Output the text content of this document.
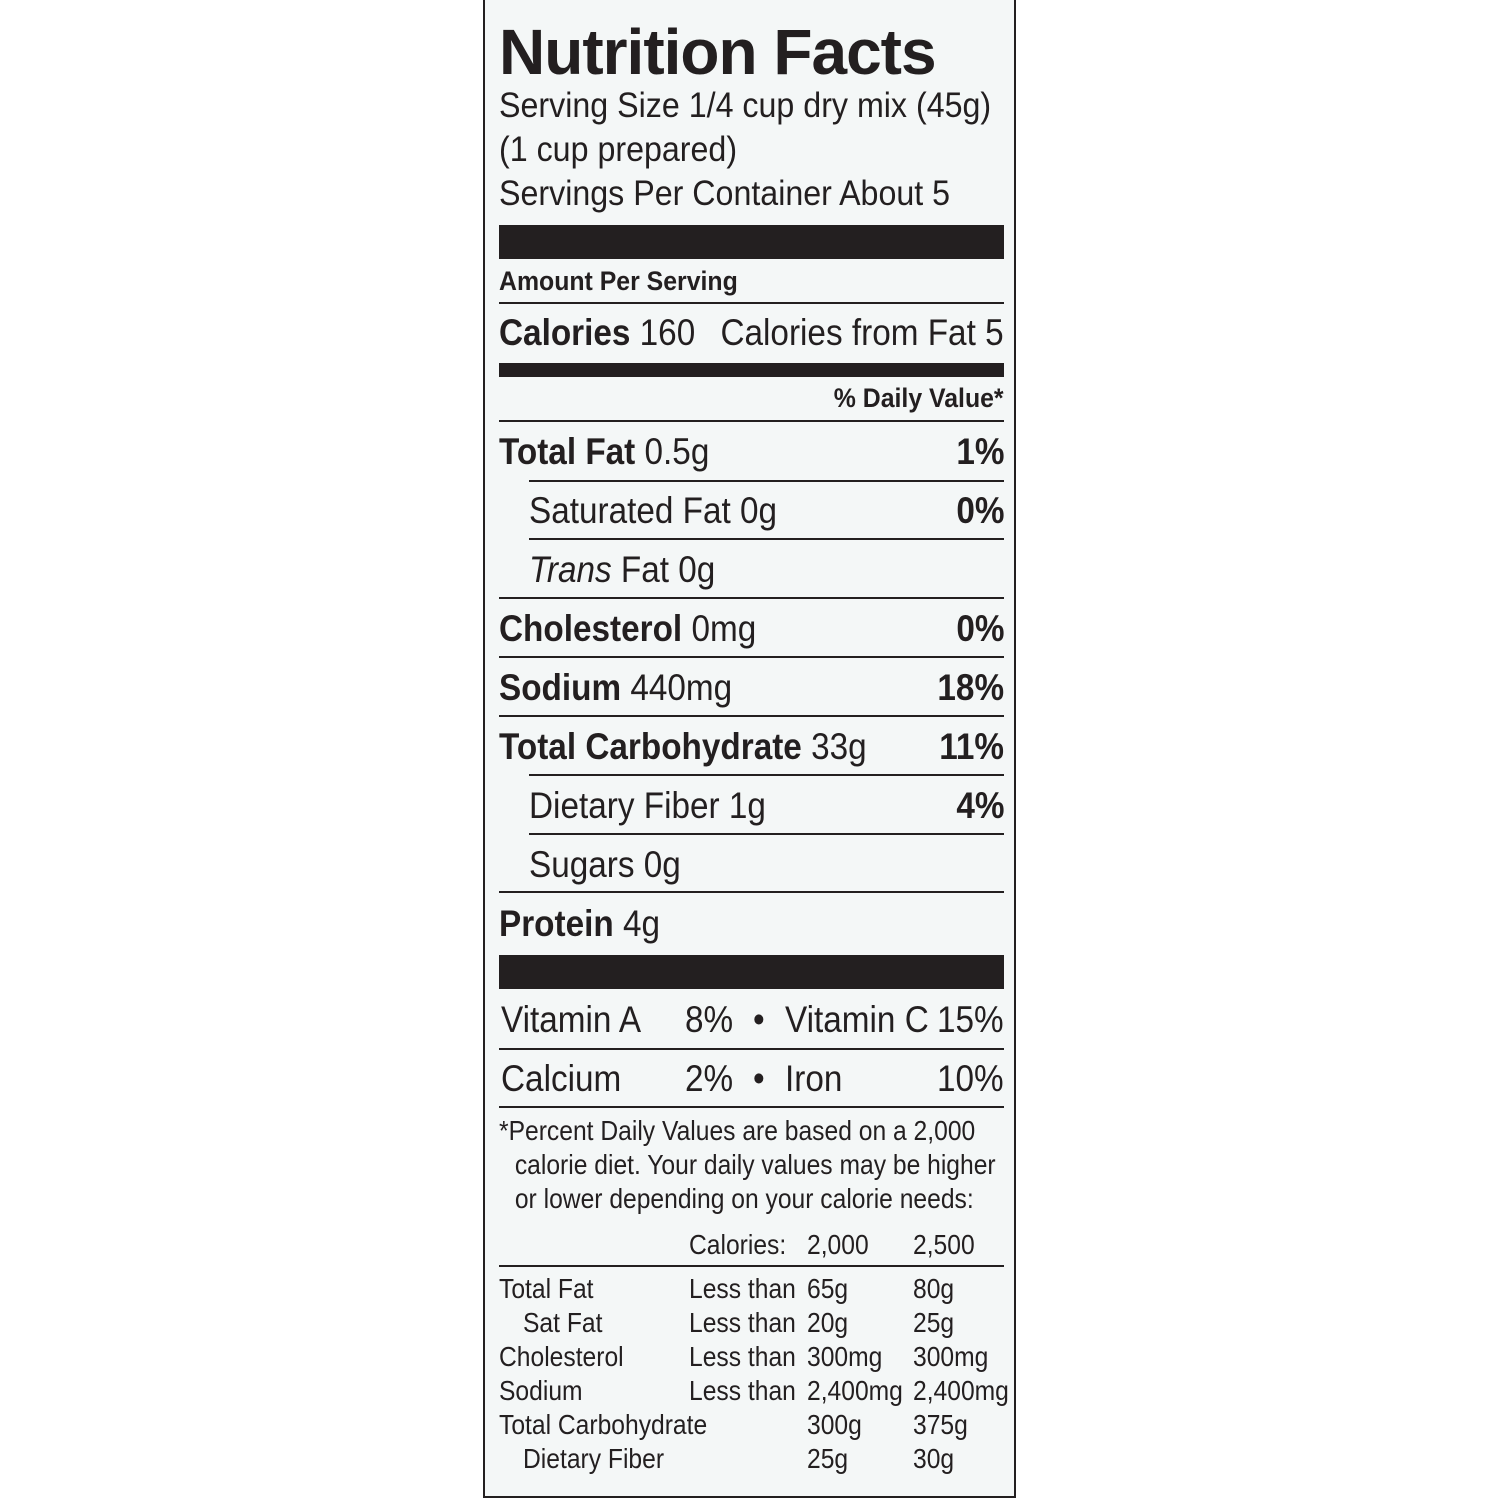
Nutrition Facts
Serving Size 1/4 cup dry mix (45g)
(1 cup prepared)
Servings Per Container About 5
Amount Per Serving
Calories 160 Calories from Fat 5
% Daily Value*
Total Fat 0.5g	1%
Saturated Fat 0g	0%
Trans Fat 0g
Cholesterol 0mg	0%
Sodium 440mg	18%
Total Carbohydrate 33g 11%
Dietary Fiber 1g	4%
Sugars 0g
Protein 4g
Vitamin A 8% • Vitamin C 15%
Calcium 2% • Iron	10%
*Percent Daily Values are based on a 2,000
calorie diet. Your daily values may be higher
or lower depending on your calorie needs:
Calories: 2,000 2,500
Total Fat	Less than 65g 80g
Sat Fat	Less than 20g 25g
Cholesterol Less than 300mg 300mg
Sodium	Less than 2,400mg 2,400mg
Total Carbohydrate	300g 375g
Dietary Fiber	25g 30g
